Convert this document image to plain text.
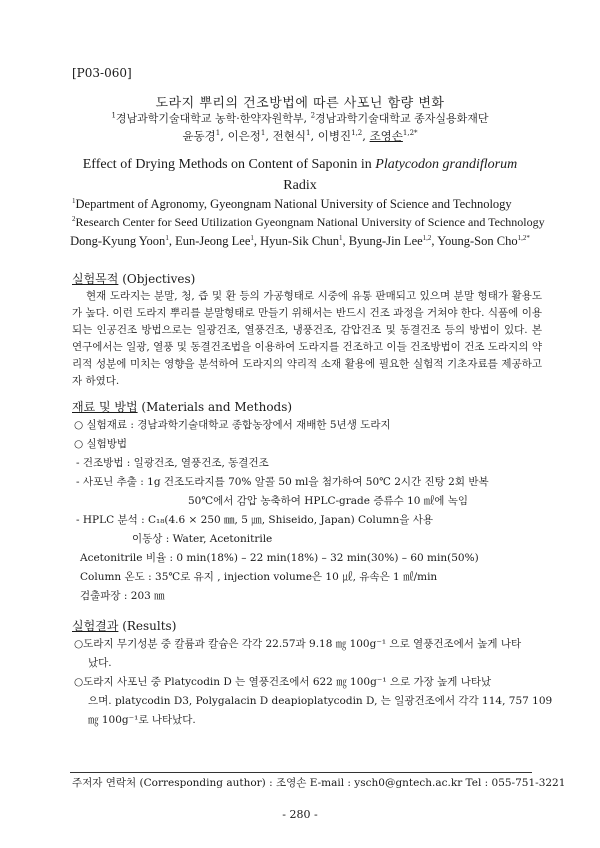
[P03-060]
도라지 뿌리의 건조방법에 따른 사포닌 함량 변화
$^1$경남과학기술대학교 농학·한약자원학부, $^2$경남과학기술대학교 종자실용화재단
윤동경$^1$, 이은정$^1$, 전현식$^1$, 이병진$^{1,2}$, 조영손$^{1,2*}$
Effect of Drying Methods on Content of Saponin in Platycodon grandiflorum
Radix
$^1$Department of Agronomy, Gyeongnam National University of Science and Technology
$^2$Research Center for Seed Utilization Gyeongnam National University of Science and Technology
Dong-Kyung Yoon$^1$, Eun-Jeong Lee$^1$, Hyun-Sik Chun$^1$, Byung-Jin Lee$^{1,2}$, Young-Son Cho$^{1,2*}$
실험목적 (Objectives)
현재 도라지는 분말, 청, 즙 및 환 등의 가공형태로 시중에 유통 판매되고 있으며 분말 형태가 활용도가 높다. 이런 도라지 뿌리를 분말형태로 만들기 위해서는 반드시 건조 과정을 거쳐야 한다. 식품에 이용되는 인공건조 방법으로는 일광건조, 열풍건조, 냉풍건조, 감압건조 및 동결건조 등의 방법이 있다. 본 연구에서는 일광, 열풍 및 동결건조법을 이용하여 도라지를 건조하고 이들 건조방법이 건조 도라지의 약리적 성분에 미치는 영향을 분석하여 도라지의 약리적 소재 활용에 필요한 실험적 기초자료를 제공하고자 하였다.
재료 및 방법 (Materials and Methods)
○ 실험재료 : 경남과학기술대학교 종합농장에서 재배한 5년생 도라지
○ 실험방법
- 건조방법 : 일광건조, 열풍건조, 동결건조
- 사포닌 추출 : 1g 건조도라지를 70% 알콜 50 ml을 첨가하여 50℃ 2시간 진탕 2회 반복
50℃에서 감압 농축하여 HPLC-grade 증류수 10 ㎖에 녹임
- HPLC 분석 : C₁₈(4.6 × 250 ㎜, 5 ㎛, Shiseido, Japan) Column을 사용
이동상 : Water, Acetonitrile
Acetonitrile 비율 : 0 min(18%) – 22 min(18%) – 32 min(30%) – 60 min(50%)
Column 온도 : 35℃로 유지 , injection volume은 10 ㎕, 유속은 1 ㎖/min
검출파장 : 203 ㎚
실험결과 (Results)
○도라지 무기성분 중 칼륨과 칼슘은 각각 22.57과 9.18 ㎎ 100g⁻¹ 으로 열풍건조에서 높게 나타
났다.
○도라지 사포닌 중 Platycodin D 는 열풍건조에서 622 ㎎ 100g⁻¹ 으로 가장 높게 나타났
으며. platycodin D3, Polygalacin D deapioplatycodin D, 는 일광건조에서 각각 114, 757 109
㎎ 100g⁻¹로 나타났다.
주저자 연락처 (Corresponding author) : 조영손 E-mail : ysch0@gntech.ac.kr Tel : 055-751-3221
- 280 -
